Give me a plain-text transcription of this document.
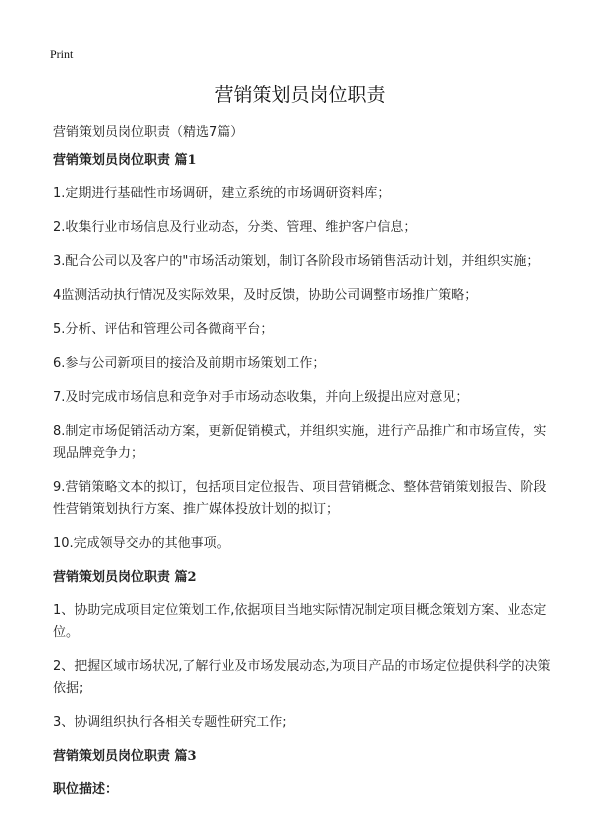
Print
营销策划员岗位职责
营销策划员岗位职责（精选7篇）
营销策划员岗位职责 篇1
1.定期进行基础性市场调研，建立系统的市场调研资料库；
2.收集行业市场信息及行业动态，分类、管理、维护客户信息；
3.配合公司以及客户的"市场活动策划，制订各阶段市场销售活动计划，并组织实施；
4监测活动执行情况及实际效果，及时反馈，协助公司调整市场推广策略；
5.分析、评估和管理公司各微商平台；
6.参与公司新项目的接洽及前期市场策划工作；
7.及时完成市场信息和竞争对手市场动态收集，并向上级提出应对意见；
8.制定市场促销活动方案，更新促销模式，并组织实施，进行产品推广和市场宣传，实现品牌竞争力；
9.营销策略文本的拟订，包括项目定位报告、项目营销概念、整体营销策划报告、阶段性营销策划执行方案、推广媒体投放计划的拟订；
10.完成领导交办的其他事项。
营销策划员岗位职责 篇2
1、协助完成项目定位策划工作,依据项目当地实际情况制定项目概念策划方案、业态定位。
2、把握区域市场状况,了解行业及市场发展动态,为项目产品的市场定位提供科学的决策依据;
3、协调组织执行各相关专题性研究工作;
营销策划员岗位职责 篇3
职位描述：
